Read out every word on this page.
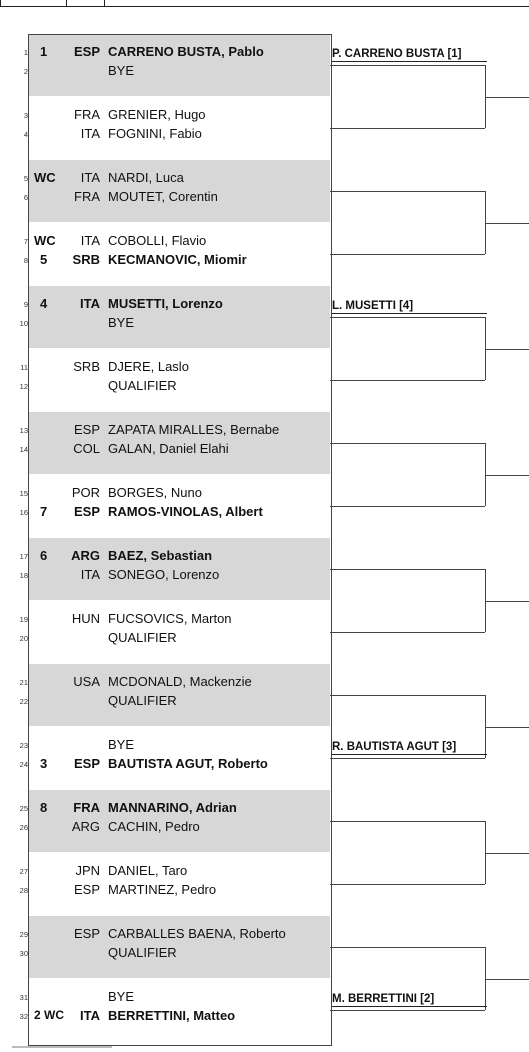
1 1	ESP CARRENO BUSTA, Pablo
2	BYE
3	FRA GRENIER, Hugo
4	ITA FOGNINI, Fabio
5 WC	ITA NARDI, Luca
6	FRA MOUTET, Corentin
7 WC	ITA COBOLLI, Flavio
8 5	SRB KECMANOVIC, Miomir
9 4	ITA MUSETTI, Lorenzo
10	BYE
11	SRB DJERE, Laslo
12	QUALIFIER
13	ESP ZAPATA MIRALLES, Bernabe
14	COL GALAN, Daniel Elahi
15	POR BORGES, Nuno
16 7	ESP RAMOS-VINOLAS, Albert
17 6	ARG BAEZ, Sebastian
18	ITA SONEGO, Lorenzo
19	HUN FUCSOVICS, Marton
20	QUALIFIER
21	USA MCDONALD, Mackenzie
22	QUALIFIER
23	BYE
24 3	ESP BAUTISTA AGUT, Roberto
25 8	FRA MANNARINO, Adrian
26	ARG CACHIN, Pedro
27	JPN DANIEL, Taro
28	ESP MARTINEZ, Pedro
29	ESP CARBALLES BAENA, Roberto
30	QUALIFIER
31	BYE
32 2 WC	ITA BERRETTINI, Matteo
P. CARRENO BUSTA [1]
L. MUSETTI [4]
R. BAUTISTA AGUT [3]
M. BERRETTINI [2]
